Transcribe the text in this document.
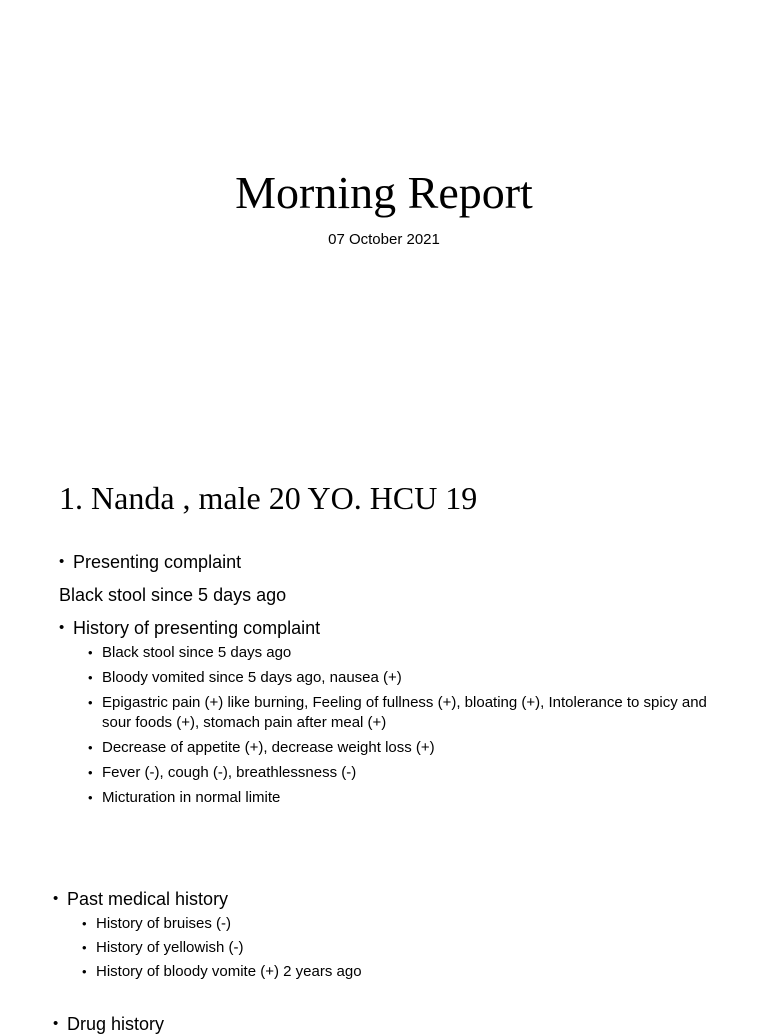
Morning Report

07 October 2021

1. Nanda , male 20 YO. HCU 19

• Presenting complaint

Black stool since 5 days ago

• History of presenting complaint

• Black stool since 5 days ago

• Bloody vomited since 5 days ago, nausea (+)

• Epigastric pain (+) like burning, Feeling of fullness (+), bloating (+), Intolerance to spicy and sour foods (+), stomach pain after meal (+)

• Decrease of appetite (+), decrease weight loss (+)

• Fever (-), cough (-), breathlessness (-)

• Micturation in normal limite

• Past medical history

• History of bruises (-)

• History of yellowish (-)

• History of bloody vomite (+) 2 years ago

• Drug history
